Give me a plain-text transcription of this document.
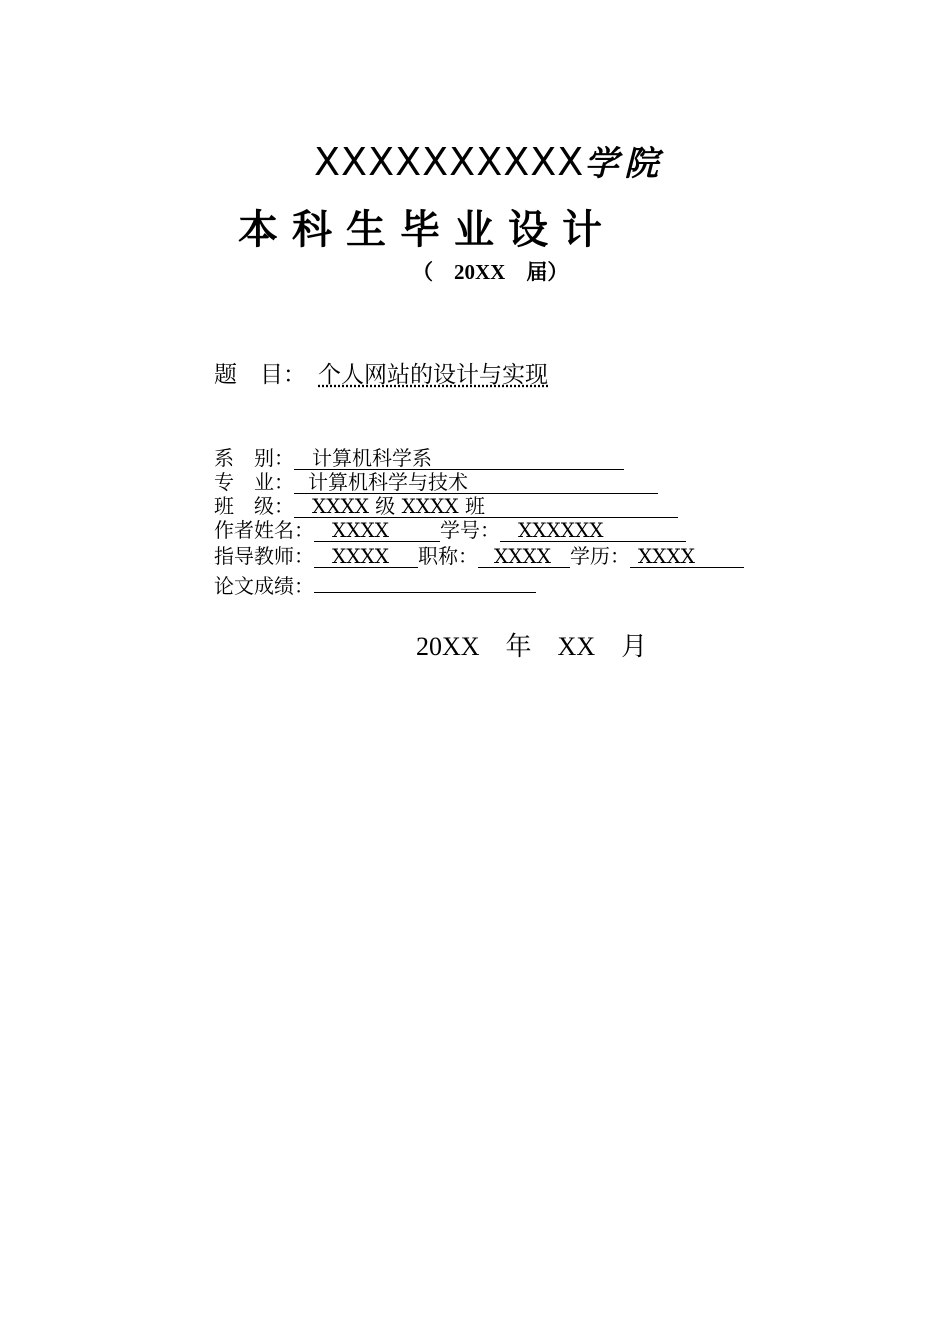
XXXXXXXXXX学院
本科生毕业设计
（　20XX　届）
题　目： 个人网站的设计与实现
系　别： 计算机科学系
专　业： 计算机科学与技术
班　级： XXXX 级 XXXX 班
作者姓名： XXXX	学号： XXXXXX
指导教师： XXXX 职称： XXXX 学历： XXXX
论文成绩：
20XX　年　XX　月
